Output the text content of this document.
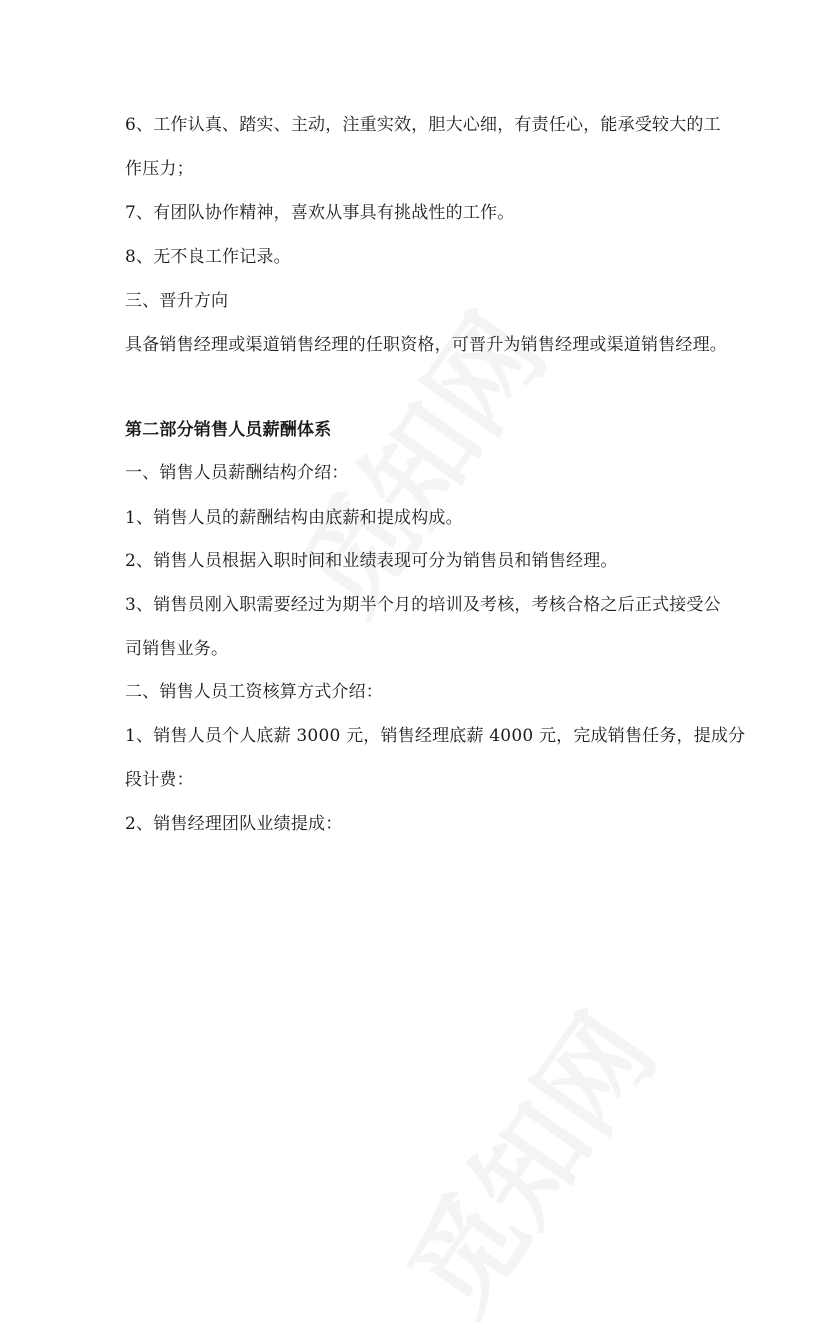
6、工作认真、踏实、主动，注重实效，胆大心细，有责任心，能承受较大的工
作压力；
7、有团队协作精神，喜欢从事具有挑战性的工作。
8、无不良工作记录。
三、晋升方向
具备销售经理或渠道销售经理的任职资格，可晋升为销售经理或渠道销售经理。
第二部分销售人员薪酬体系
一、销售人员薪酬结构介绍：
1、销售人员的薪酬结构由底薪和提成构成。
2、销售人员根据入职时间和业绩表现可分为销售员和销售经理。
3、销售员刚入职需要经过为期半个月的培训及考核，考核合格之后正式接受公
司销售业务。
二、销售人员工资核算方式介绍：
1、销售人员个人底薪 3000 元，销售经理底薪 4000 元，完成销售任务，提成分
段计费：
2、销售经理团队业绩提成：
